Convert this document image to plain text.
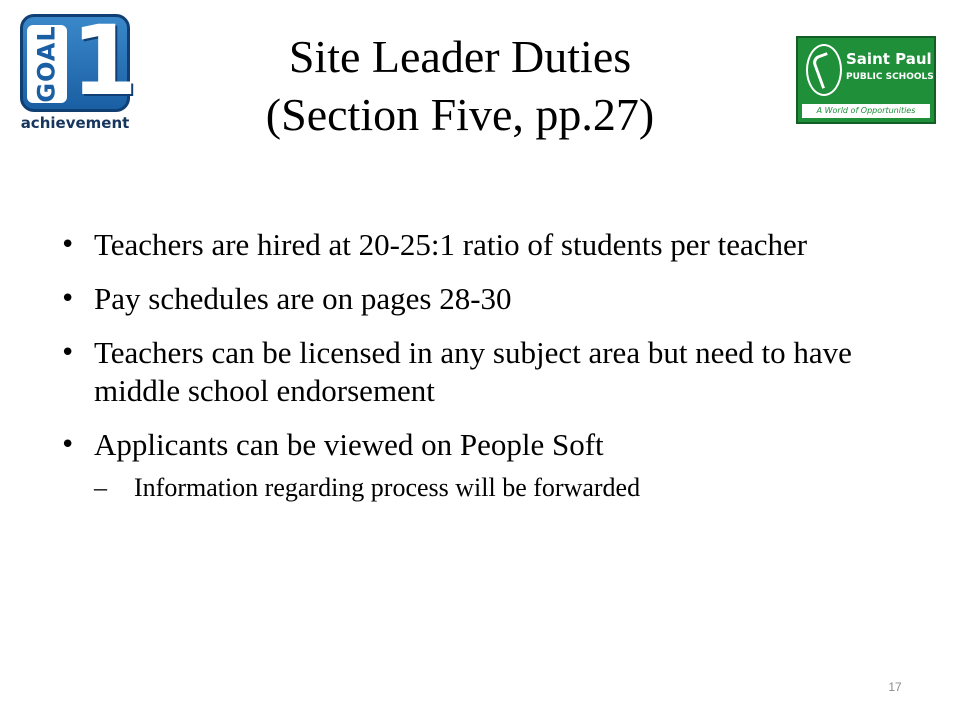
GOAL 1
achievement
Site Leader Duties
(Section Five, pp.27)
Saint Paul
PUBLIC SCHOOLS
A World of Opportunities
• Teachers are hired at 20-25:1 ratio of students per teacher
• Pay schedules are on pages 28-30
• Teachers can be licensed in any subject area but need to have middle school endorsement
• Applicants can be viewed on People Soft
– Information regarding process will be forwarded
17
